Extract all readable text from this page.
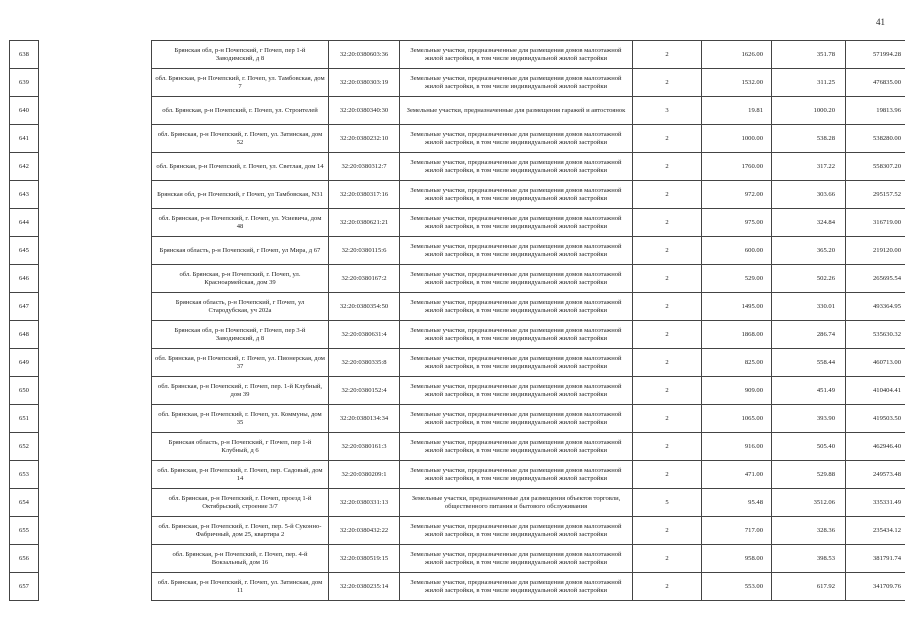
41
638		Брянская обл, р-н Почепский, г Почеп, пер 1-й Заводимский, д 8	32:20:0380603:36	Земельные участки, предназначенные для размещения домов малоэтажной жилой застройки, в том числе индивидуальной жилой застройки	2	1626.00	351.78	571994.28
639		обл. Брянская, р-н Почепский, г. Почеп, ул. Тамбовская, дом 7	32:20:0380303:19	Земельные участки, предназначенные для размещения домов малоэтажной жилой застройки, в том числе индивидуальной жилой застройки	2	1532.00	311.25	476835.00
640		обл. Брянская, р-н Почепский, г. Почеп, ул. Строителей	32:20:0380340:30	Земельные участки, предназначенные для размещения гаражей и автостоянок	3	19.81	1000.20	19813.96
641		обл. Брянская, р-н Почепский, г. Почеп, ул. Затинская, дом 52	32:20:0380232:10	Земельные участки, предназначенные для размещения домов малоэтажной жилой застройки, в том числе индивидуальной жилой застройки	2	1000.00	538.28	538280.00
642		обл. Брянская, р-н Почепский, г. Почеп, ул. Светлая, дом 14	32:20:0380312:7	Земельные участки, предназначенные для размещения домов малоэтажной жилой застройки, в том числе индивидуальной жилой застройки	2	1760.00	317.22	558307.20
643		Брянская обл, р-н Почепский, г Почеп, ул Тамбовская, N31	32:20:0380317:16	Земельные участки, предназначенные для размещения домов малоэтажной жилой застройки, в том числе индивидуальной жилой застройки	2	972.00	303.66	295157.52
644		обл. Брянская, р-н Почепский, г. Почеп, ул. Усиевича, дом 48	32:20:0380621:21	Земельные участки, предназначенные для размещения домов малоэтажной жилой застройки, в том числе индивидуальной жилой застройки	2	975.00	324.84	316719.00
645		Брянская область, р-н Почепский, г Почеп, ул Мира, д 67	32:20:0380115:6	Земельные участки, предназначенные для размещения домов малоэтажной жилой застройки, в том числе индивидуальной жилой застройки	2	600.00	365.20	219120.00
646		обл. Брянская, р-н Почепский, г. Почеп, ул. Красноармейская, дом 39	32:20:0380167:2	Земельные участки, предназначенные для размещения домов малоэтажной жилой застройки, в том числе индивидуальной жилой застройки	2	529.00	502.26	265695.54
647		Брянская область, р-н Почепский, г Почеп, ул Стародубская, уч 202а	32:20:0380354:50	Земельные участки, предназначенные для размещения домов малоэтажной жилой застройки, в том числе индивидуальной жилой застройки	2	1495.00	330.01	493364.95
648		Брянская обл, р-н Почепский, г Почеп, пер 3-й Заводимский, д 8	32:20:0380631:4	Земельные участки, предназначенные для размещения домов малоэтажной жилой застройки, в том числе индивидуальной жилой застройки	2	1868.00	286.74	535630.32
649		обл. Брянская, р-н Почепский, г. Почеп, ул. Пионерская, дом 37	32:20:0380335:8	Земельные участки, предназначенные для размещения домов малоэтажной жилой застройки, в том числе индивидуальной жилой застройки	2	825.00	558.44	460713.00
650		обл. Брянская, р-н Почепский, г. Почеп, пер. 1-й Клубный, дом 39	32:20:0380152:4	Земельные участки, предназначенные для размещения домов малоэтажной жилой застройки, в том числе индивидуальной жилой застройки	2	909.00	451.49	410404.41
651		обл. Брянская, р-н Почепский, г. Почеп, ул. Коммуны, дом 35	32:20:0380134:34	Земельные участки, предназначенные для размещения домов малоэтажной жилой застройки, в том числе индивидуальной жилой застройки	2	1065.00	393.90	419503.50
652		Брянская область, р-н Почепский, г Почеп, пер 1-й Клубный, д 6	32:20:0380161:3	Земельные участки, предназначенные для размещения домов малоэтажной жилой застройки, в том числе индивидуальной жилой застройки	2	916.00	505.40	462946.40
653		обл. Брянская, р-н Почепский, г. Почеп, пер. Садовый, дом 14	32:20:0380209:1	Земельные участки, предназначенные для размещения домов малоэтажной жилой застройки, в том числе индивидуальной жилой застройки	2	471.00	529.88	249573.48
654		обл. Брянская, р-н Почепский, г. Почеп, проезд 1-й Октябрьский, строение 3/7	32:20:0380331:13	Земельные участки, предназначенные для размещения объектов торговли, общественного питания и бытового обслуживания	5	95.48	3512.06	335331.49
655		обл. Брянская, р-н Почепский, г. Почеп, пер. 5-й Суконно-Фабричный, дом 25, квартира 2	32:20:0380432:22	Земельные участки, предназначенные для размещения домов малоэтажной жилой застройки, в том числе индивидуальной жилой застройки	2	717.00	328.36	235434.12
656		обл. Брянская, р-н Почепский, г. Почеп, пер. 4-й Вокзальный, дом 16	32:20:0380519:15	Земельные участки, предназначенные для размещения домов малоэтажной жилой застройки, в том числе индивидуальной жилой застройки	2	958.00	398.53	381791.74
657		обл. Брянская, р-н Почепский, г. Почеп, ул. Затинская, дом 11	32:20:0380235:14	Земельные участки, предназначенные для размещения домов малоэтажной жилой застройки, в том числе индивидуальной жилой застройки	2	553.00	617.92	341709.76
